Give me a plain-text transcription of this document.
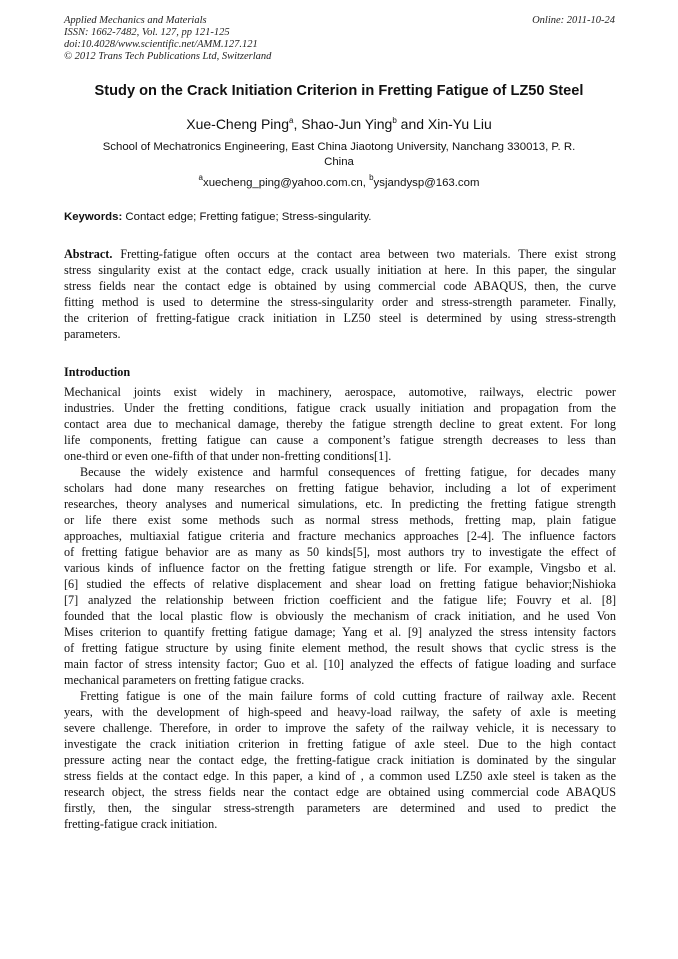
Applied Mechanics and Materials
ISSN: 1662-7482, Vol. 127, pp 121-125
doi:10.4028/www.scientific.net/AMM.127.121
© 2012 Trans Tech Publications Ltd, Switzerland
Online: 2011-10-24
Study on the Crack Initiation Criterion in Fretting Fatigue of LZ50 Steel
Xue-Cheng Ping$^a$, Shao-Jun Ying$^b$ and Xin-Yu Liu
School of Mechatronics Engineering, East China Jiaotong University, Nanchang 330013, P. R.
China
$^a$xuecheng_ping@yahoo.com.cn, $^b$ysjandysp@163.com
Keywords: Contact edge; Fretting fatigue; Stress-singularity.
Abstract. Fretting-fatigue often occurs at the contact area between two materials. There exist strong
stress singularity exist at the contact edge, crack usually initiation at here. In this paper, the singular
stress fields near the contact edge is obtained by using commercial code ABAQUS, then, the curve
fitting method is used to determine the stress-singularity order and stress-strength parameter. Finally,
the criterion of fretting-fatigue crack initiation in LZ50 steel is determined by using stress-strength
parameters.
Introduction
Mechanical joints exist widely in machinery, aerospace, automotive, railways, electric power
industries. Under the fretting conditions, fatigue crack usually initiation and propagation from the
contact area due to mechanical damage, thereby the fatigue strength decline to great extent. For long
life components, fretting fatigue can cause a component’s fatigue strength decreases to less than
one-third or even one-fifth of that under non-fretting conditions[1].
Because the widely existence and harmful consequences of fretting fatigue, for decades many
scholars had done many researches on fretting fatigue behavior, including a lot of experiment
researches, theory analyses and numerical simulations, etc. In predicting the fretting fatigue strength
or life there exist some methods such as normal stress methods, fretting map, plain fatigue
approaches, multiaxial fatigue criteria and fracture mechanics approaches [2-4]. The influence factors
of fretting fatigue behavior are as many as 50 kinds[5], most authors try to investigate the effect of
various kinds of influence factor on the fretting fatigue strength or life. For example, Vingsbo et al.
[6] studied the effects of relative displacement and shear load on fretting fatigue behavior;Nishioka
[7] analyzed the relationship between friction coefficient and the fatigue life; Fouvry et al. [8]
founded that the local plastic flow is obviously the mechanism of crack initiation, and he used Von
Mises criterion to quantify fretting fatigue damage; Yang et al. [9] analyzed the stress intensity factors
of fretting fatigue structure by using finite element method, the result shows that cyclic stress is the
main factor of stress intensity factor; Guo et al. [10] analyzed the effects of fatigue loading and surface
mechanical parameters on fretting fatigue cracks.
Fretting fatigue is one of the main failure forms of cold cutting fracture of railway axle. Recent
years, with the development of high-speed and heavy-load railway, the safety of axle is meeting
severe challenge. Therefore, in order to improve the safety of the railway vehicle, it is necessary to
investigate the crack initiation criterion in fretting fatigue of axle steel. Due to the high contact
pressure acting near the contact edge, the fretting-fatigue crack initiation is dominated by the singular
stress fields at the contact edge. In this paper, a kind of , a common used LZ50 axle steel is taken as the
research object, the stress fields near the contact edge are obtained using commercial code ABAQUS
firstly, then, the singular stress-strength parameters are determined and used to predict the
fretting-fatigue crack initiation.
